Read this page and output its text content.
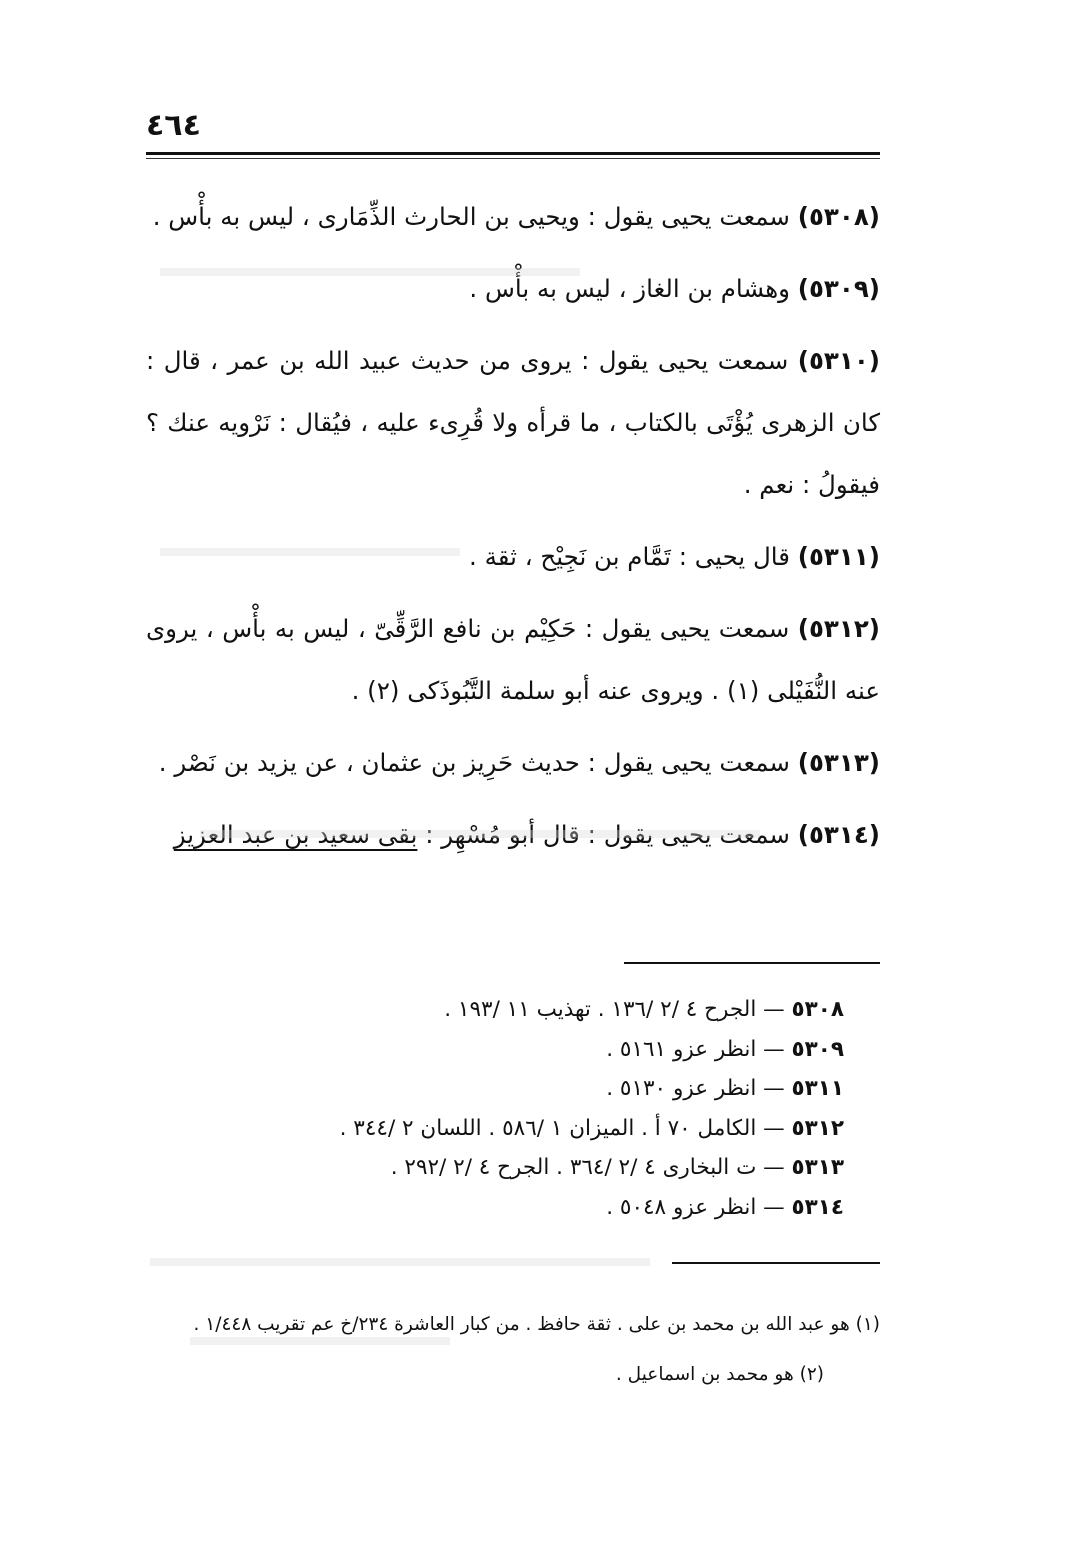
٤٦٤

(٥٣٠٨) سمعت يحيى يقول : ويحيى بن الحارث الذِّمَارى ، ليس به بأْس .

(٥٣٠٩) وهشام بن الغاز ، ليس به بأْس .

(٥٣١٠) سمعت يحيى يقول : يروى من حديث عبيد الله بن عمر ، قال : كان الزهرى يُؤْتَى بالكتاب ، ما قرأه ولا قُرِىء عليه ، فيُقال : نَرْويه عنك ؟ فيقولُ : نعم .

(٥٣١١) قال يحيى : تَمَّام بن نَجِيْح ، ثقة .

(٥٣١٢) سمعت يحيى يقول : حَكِيْم بن نافع الرَّقِّىّ ، ليس به بأْس ، يروى عنه النُّفَيْلى (١) . ويروى عنه أبو سلمة التَّبُوذَكى (٢) .

(٥٣١٣) سمعت يحيى يقول : حديث حَرِيز بن عثمان ، عن يزيد بن نَصْر .

(٥٣١٤) سمعت يحيى يقول : قال أبو مُسْهِر : بقى سعيد بن عبد العزيز

٥٣٠٨ — الجرح ٤ /٢ /١٣٦ . تهذيب ١١ /١٩٣ .
٥٣٠٩ — انظر عزو ٥١٦١ .
٥٣١١ — انظر عزو ٥١٣٠ .
٥٣١٢ — الكامل ٧٠ أ . الميزان ١ /٥٨٦ . اللسان ٢ /٣٤٤ .
٥٣١٣ — ت البخارى ٤ /٢ /٣٦٤ . الجرح ٤ /٢ /٢٩٢ .
٥٣١٤ — انظر عزو ٥٠٤٨ .

(١) هو عبد الله بن محمد بن على . ثقة حافظ . من كبار العاشرة ٢٣٤/خ عم تقريب ١/٤٤٨ .

(٢) هو محمد بن اسماعيل .
